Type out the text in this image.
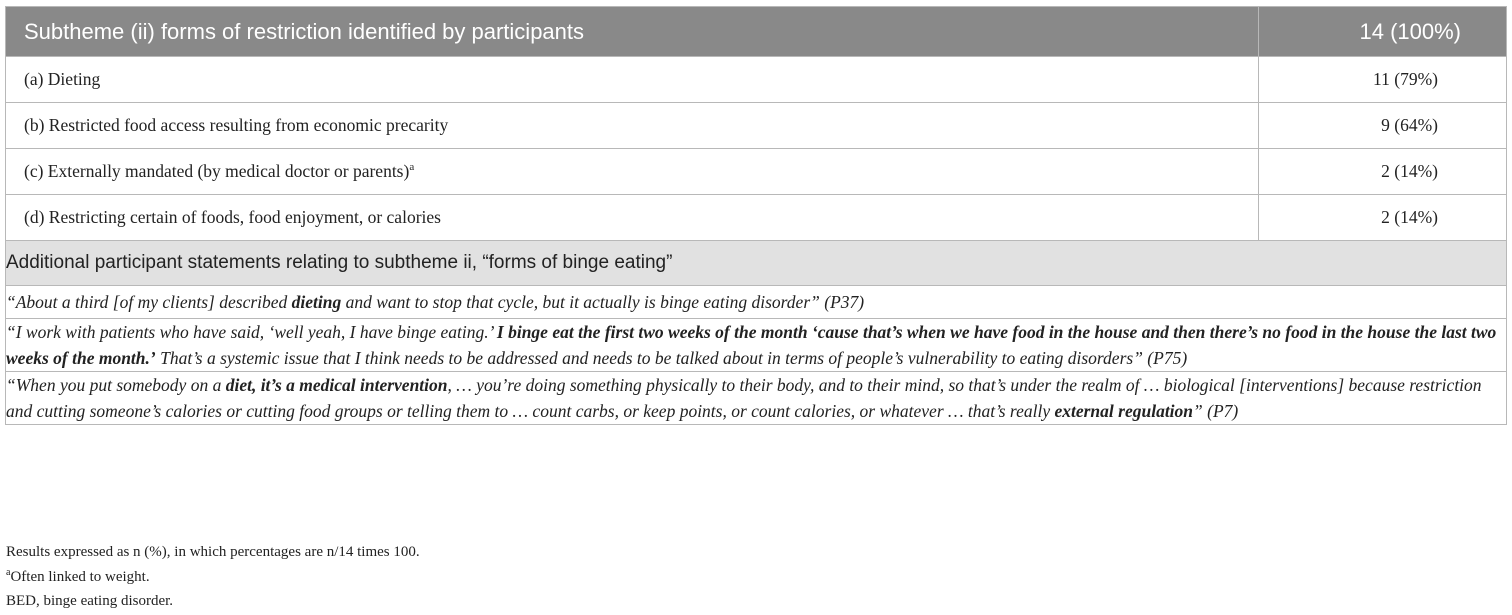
Subtheme (ii) forms of restriction identified by participants	14 (100%)
(a) Dieting	11 (79%)
(b) Restricted food access resulting from economic precarity	9 (64%)
(c) Externally mandated (by medical doctor or parents)$^a$	2 (14%)
(d) Restricting certain of foods, food enjoyment, or calories	2 (14%)
Additional participant statements relating to subtheme ii, “forms of binge eating”	
“About a third [of my clients] described dieting and want to stop that cycle, but it actually is binge eating disorder” (P37)	
“I work with patients who have said, ‘well yeah, I have binge eating.’ I binge eat the first two weeks of the month ‘cause that’s when we have food in the house and then there’s no food in the house the last two weeks of the month.’ That’s a systemic issue that I think needs to be addressed and needs to be talked about in terms of people’s vulnerability to eating disorders” (P75)	
“When you put somebody on a diet, it’s a medical intervention, … you’re doing something physically to their body, and to their mind, so that’s under the realm of … biological [interventions] because restriction and cutting someone’s calories or cutting food groups or telling them to … count carbs, or keep points, or count calories, or whatever … that’s really external regulation” (P7)	
Results expressed as n (%), in which percentages are n/14 times 100.
$^a$Often linked to weight.
BED, binge eating disorder.
